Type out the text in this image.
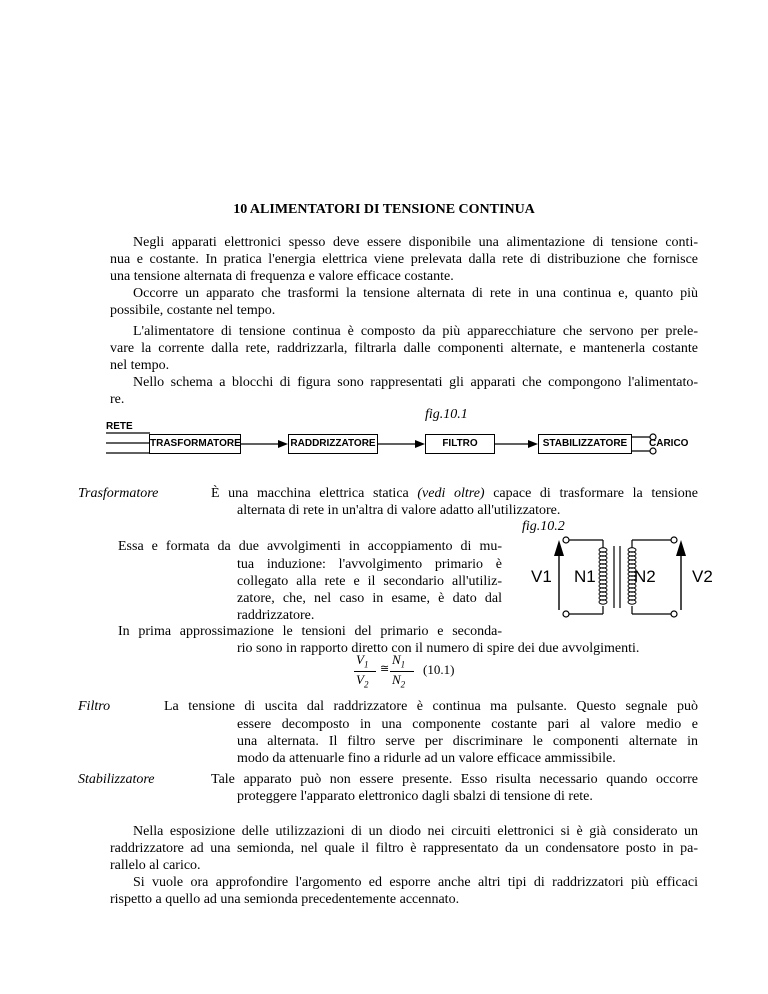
10 ALIMENTATORI DI TENSIONE CONTINUA
Negli apparati elettronici spesso deve essere disponibile una alimentazione di tensione conti-
nua e costante. In pratica l'energia elettrica viene prelevata dalla rete di distribuzione che fornisce
una tensione alternata di frequenza e valore efficace costante.
Occorre un apparato che trasformi la tensione alternata di rete in una continua e, quanto più
possibile, costante nel tempo.
L'alimentatore di tensione continua è composto da più apparecchiature che servono per prele-
vare la corrente dalla rete, raddrizzarla, filtrarla dalle componenti alternate, e mantenerla costante
nel tempo.
Nello schema a blocchi di figura sono rappresentati gli apparati che compongono l'alimentato-
re.
fig.10.1
RETE
TRASFORMATORE	RADDRIZZATORE	FILTRO	STABILIZZATORE	CARICO
Trasformatore	È una macchina elettrica statica (vedi oltre) capace di trasformare la tensione
alternata di rete in un'altra di valore adatto all'utilizzatore.
fig.10.2
Essa e formata da due avvolgimenti in accoppiamento di mu-
tua induzione: l'avvolgimento primario è
collegato alla rete e il secondario all'utiliz-
zatore, che, nel caso in esame, è dato dal
raddrizzatore.
In prima approssimazione le tensioni del primario e seconda-
rio sono in rapporto diretto con il numero di spire dei due avvolgimenti.
V1 N1 N2 V2
$V_1$
$V_2$
≅
$N_1$
$N_2$
(10.1)
Filtro	La tensione di uscita dal raddrizzatore è continua ma pulsante. Questo segnale può
essere decomposto in una componente costante pari al valore medio e
una alternata. Il filtro serve per discriminare le componenti alternate in
modo da attenuarle fino a ridurle ad un valore efficace ammissibile.
Stabilizzatore	Tale apparato può non essere presente. Esso risulta necessario quando occorre
proteggere l'apparato elettronico dagli sbalzi di tensione di rete.
Nella esposizione delle utilizzazioni di un diodo nei circuiti elettronici si è già considerato un
raddrizzatore ad una semionda, nel quale il filtro è rappresentato da un condensatore posto in pa-
rallelo al carico.
Si vuole ora approfondire l'argomento ed esporre anche altri tipi di raddrizzatori più efficaci
rispetto a quello ad una semionda precedentemente accennato.
